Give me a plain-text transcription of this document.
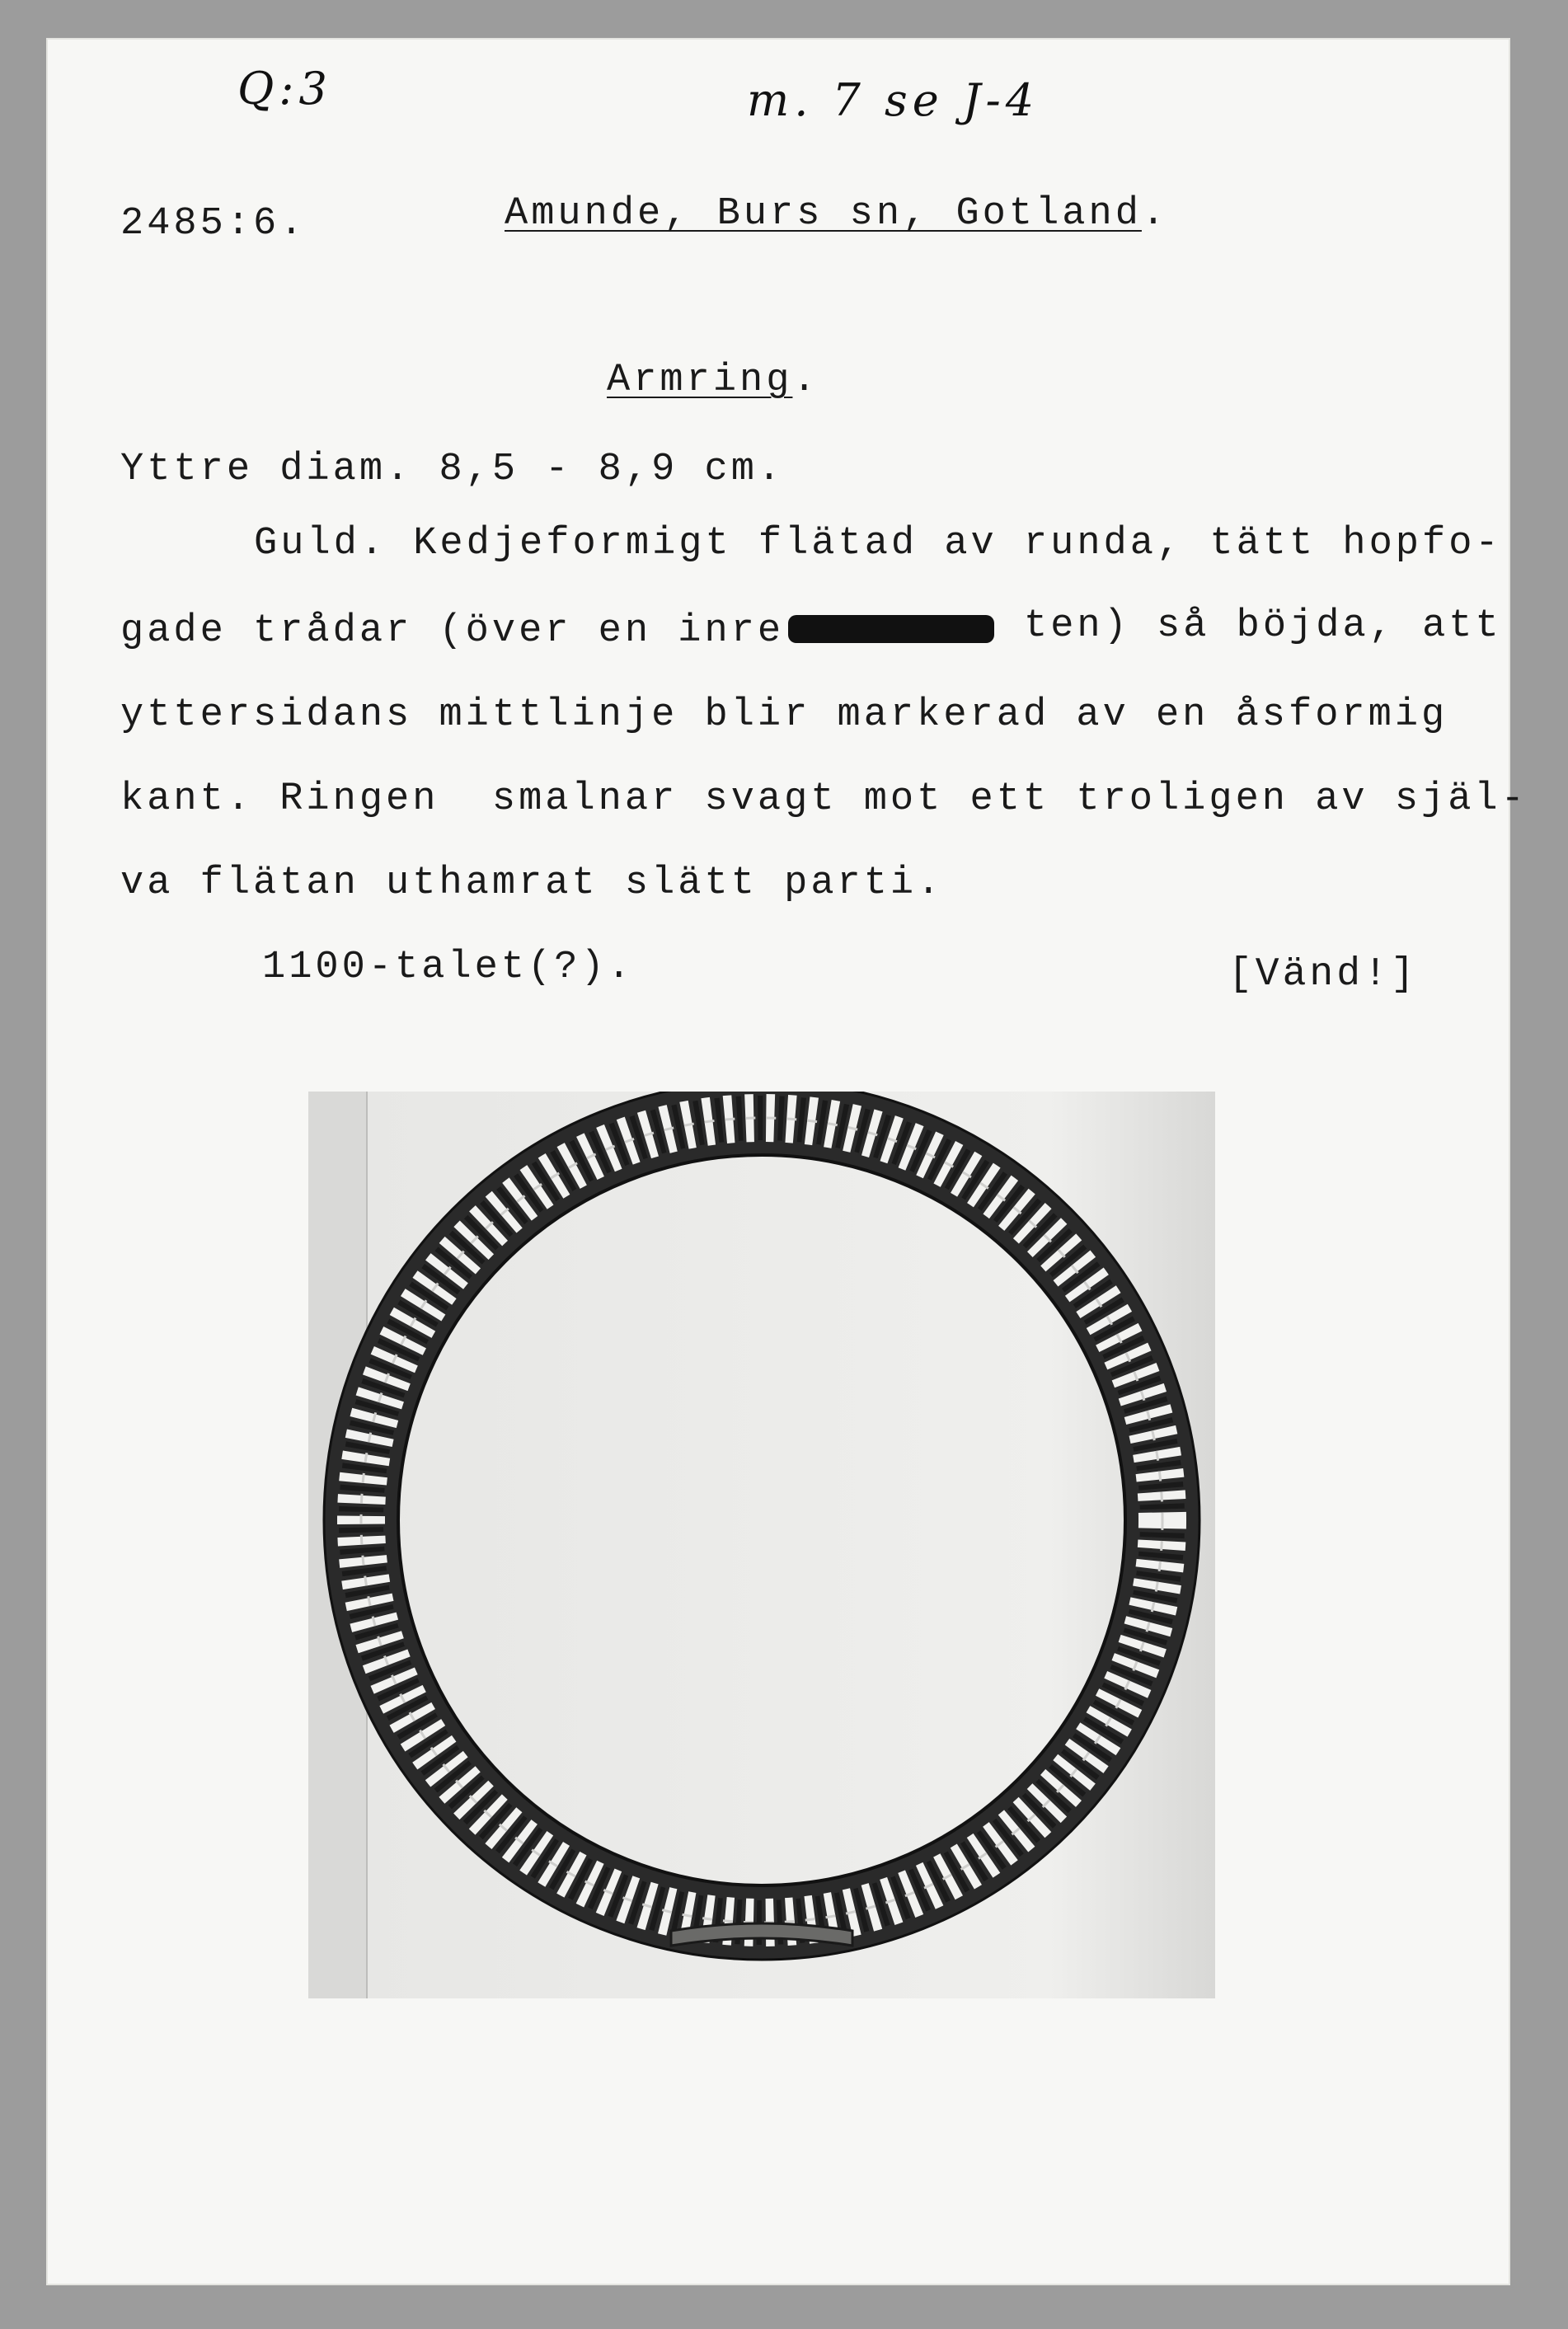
Q:3	m. 7 se J-4
2485:6.	Amunde, Burs sn, Gotland.
Armring.
Yttre diam. 8,5 - 8,9 cm.
Guld. Kedjeformigt flätad av runda, tätt hopfo-
gade trådar (över en inre	ten) så böjda, att
yttersidans mittlinje blir markerad av en åsformig
kant. Ringen  smalnar svagt mot ett troligen av själ-
va flätan uthamrat slätt parti.
1100-talet(?).	[Vänd!]
